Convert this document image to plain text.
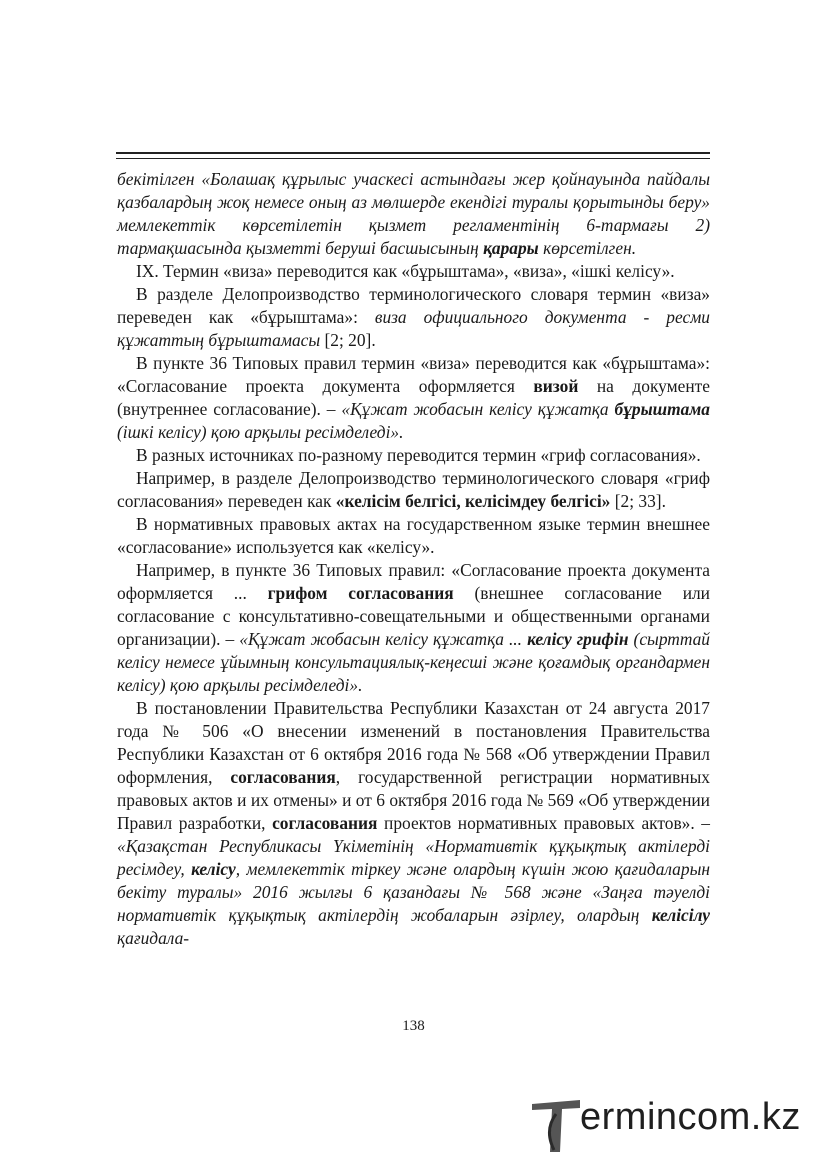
бекітілген «Болашақ құрылыс учаскесі астындағы жер қойнауында пайдалы қазбалардың жоқ немесе оның аз мөлшерде екендігі туралы қорытынды беру» мемлекеттік көрсетілетін қызмет регламентінің 6-тармағы 2) тармақшасында қызметті беруші басшысының қарары көрсетілген.

IX. Термин «виза» переводится как «бұрыштама», «виза», «ішкі келісу».

В разделе Делопроизводство терминологического словаря термин «виза» переведен как «бұрыштама»: виза официального документа - ресми құжаттың бұрыштамасы [2; 20].

В пункте 36 Типовых правил термин «виза» переводится как «бұрыштама»: «Согласование проекта документа оформляется визой на документе (внутреннее согласование). – «Құжат жобасын келісу құжатқа бұрыштама (ішкі келісу) қою арқылы ресімделеді».

В разных источниках по-разному переводится термин «гриф согласования».

Например, в разделе Делопроизводство терминологического словаря «гриф согласования» переведен как «келісім белгісі, келісімдеу белгісі» [2; 33].

В нормативных правовых актах на государственном языке термин внешнее «согласование» используется как «келісу».

Например, в пункте 36 Типовых правил: «Согласование проекта документа оформляется ... грифом согласования (внешнее согласование или согласование с консультативно-совещательными и общественными органами организации). – «Құжат жобасын келісу құжатқа ... келісу грифін (сырттай келісу немесе ұйымның консультациялық-кеңесші және қоғамдық органдармен келісу) қою арқылы ресімделеді».

В постановлении Правительства Республики Казахстан от 24 августа 2017 года № 506 «О внесении изменений в постановления Правительства Республики Казахстан от 6 октября 2016 года № 568 «Об утверждении Правил оформления, согласования, государственной регистрации нормативных правовых актов и их отмены» и от 6 октября 2016 года № 569 «Об утверждении Правил разработки, согласования проектов нормативных правовых актов». – «Қазақстан Республикасы Үкіметінің «Нормативтік құқықтық актілерді ресімдеу, келісу, мемлекеттік тіркеу және олардың күшін жою қағидаларын бекіту туралы» 2016 жылғы 6 қазандағы № 568 және «Заңға тәуелді нормативтік құқықтық актілердің жобаларын әзірлеу, олардың келісілу қағидала-

138
ermincom.kz
